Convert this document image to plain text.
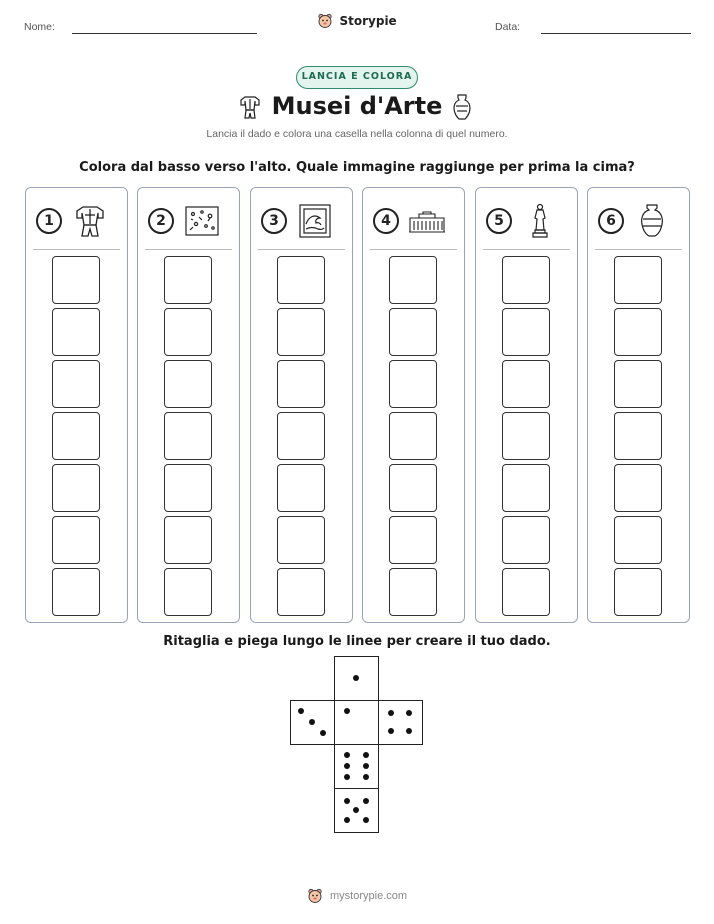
Nome:	Storypie	Data:
LANCIA E COLORA
Musei d'Arte
Lancia il dado e colora una casella nella colonna di quel numero.
Colora dal basso verso l'alto. Quale immagine raggiunge per prima la cima?
1	2	3	4	5	6
Ritaglia e piega lungo le linee per creare il tuo dado.
mystorypie.com
